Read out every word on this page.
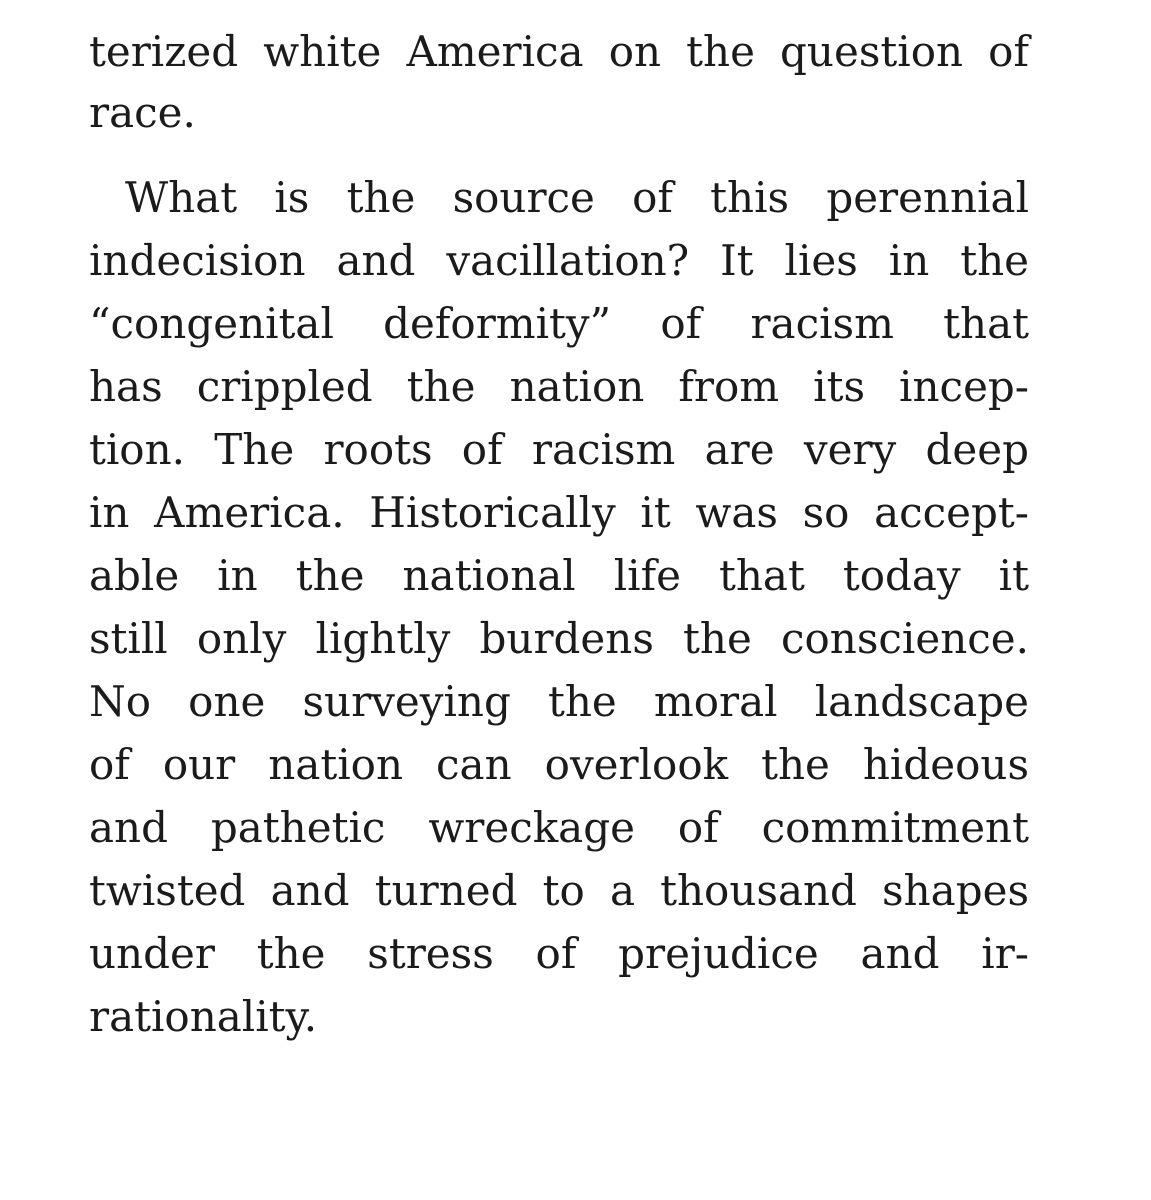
terized white America on the question of
race.
What is the source of this perennial
indecision and vacillation? It lies in the
“congenital deformity” of racism that
has crippled the nation from its incep-
tion. The roots of racism are very deep
in America. Historically it was so accept-
able in the national life that today it
still only lightly burdens the conscience.
No one surveying the moral landscape
of our nation can overlook the hideous
and pathetic wreckage of commitment
twisted and turned to a thousand shapes
under the stress of prejudice and ir-
rationality.
